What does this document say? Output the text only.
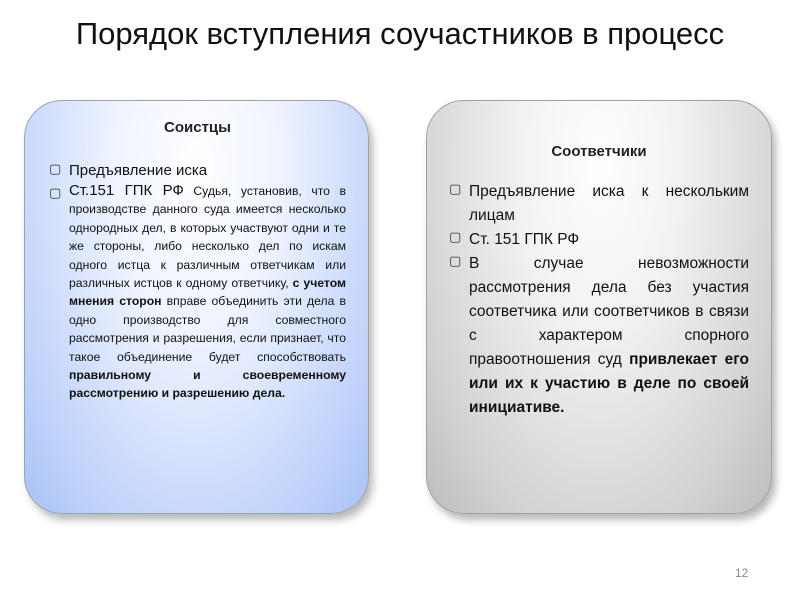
Порядок вступления соучастников в процесс
Соистцы
▢ Предъявление иска
▢ Ст.151 ГПК РФ Судья, установив, что в производстве данного суда имеется несколько однородных дел, в которых участвуют одни и те же стороны, либо несколько дел по искам одного истца к различным ответчикам или различных истцов к одному ответчику, с учетом мнения сторон вправе объединить эти дела в одно производство для совместного рассмотрения и разрешения, если признает, что такое объединение будет способствовать правильному и своевременному рассмотрению и разрешению дела.
Соответчики
▢ Предъявление иска к нескольким лицам
▢ Ст. 151 ГПК РФ
▢ В случае невозможности рассмотрения дела без участия соответчика или соответчиков в связи с характером спорного правоотношения суд привлекает его или их к участию в деле по своей инициативе.
12
